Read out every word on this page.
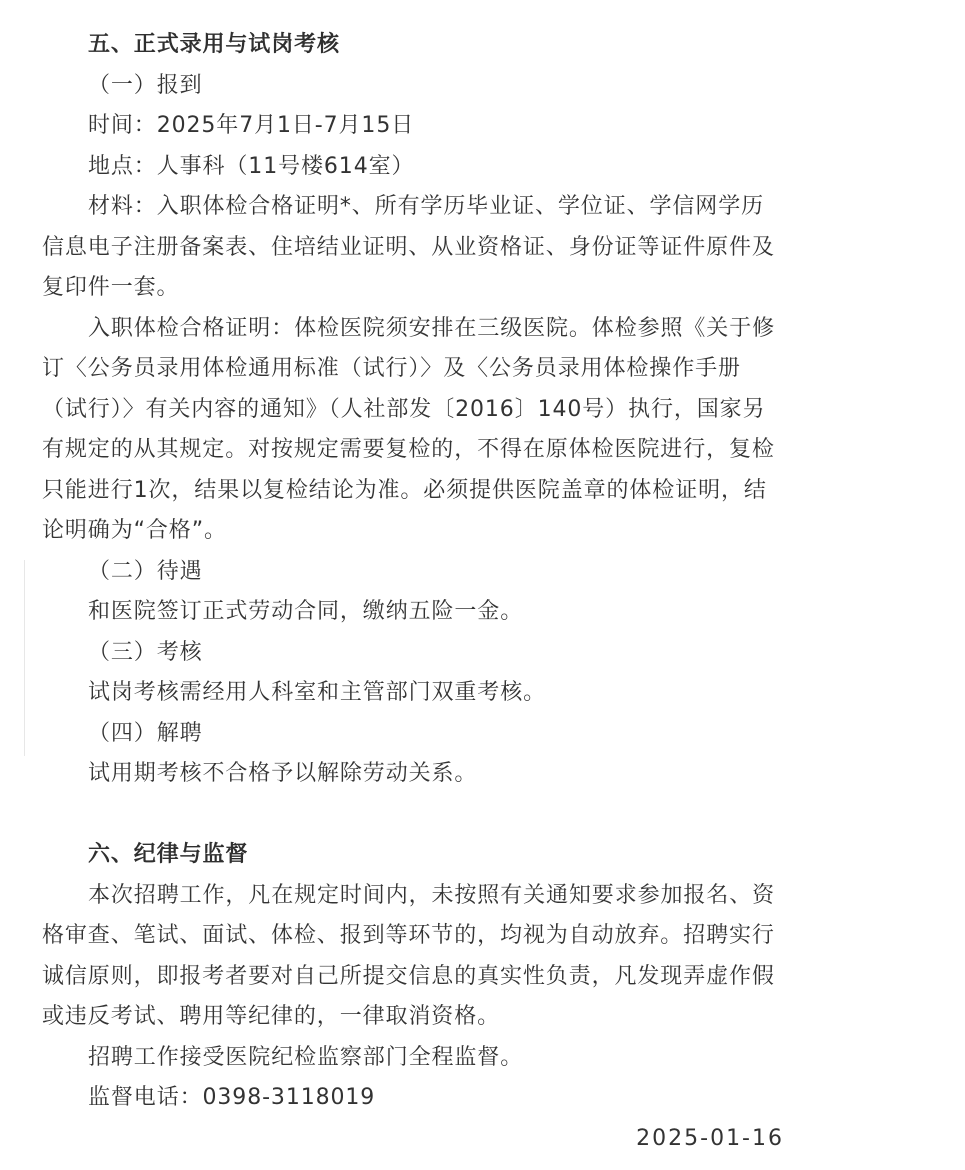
五、正式录用与试岗考核
（一）报到
时间：2025年7月1日-7月15日
地点：人事科（11号楼614室）
材料：入职体检合格证明*、所有学历毕业证、学位证、学信网学历信息电子注册备案表、住培结业证明、从业资格证、身份证等证件原件及复印件一套。
入职体检合格证明：体检医院须安排在三级医院。体检参照《关于修订〈公务员录用体检通用标准（试行）〉及〈公务员录用体检操作手册（试行）〉有关内容的通知》（人社部发〔2016〕140号）执行，国家另有规定的从其规定。对按规定需要复检的，不得在原体检医院进行，复检只能进行1次，结果以复检结论为准。必须提供医院盖章的体检证明，结论明确为“合格”。
（二）待遇
和医院签订正式劳动合同，缴纳五险一金。
（三）考核
试岗考核需经用人科室和主管部门双重考核。
（四）解聘
试用期考核不合格予以解除劳动关系。
六、纪律与监督
本次招聘工作，凡在规定时间内，未按照有关通知要求参加报名、资格审查、笔试、面试、体检、报到等环节的，均视为自动放弃。招聘实行诚信原则，即报考者要对自己所提交信息的真实性负责，凡发现弄虚作假或违反考试、聘用等纪律的，一律取消资格。
招聘工作接受医院纪检监察部门全程监督。
监督电话：0398-3118019
2025-01-16
